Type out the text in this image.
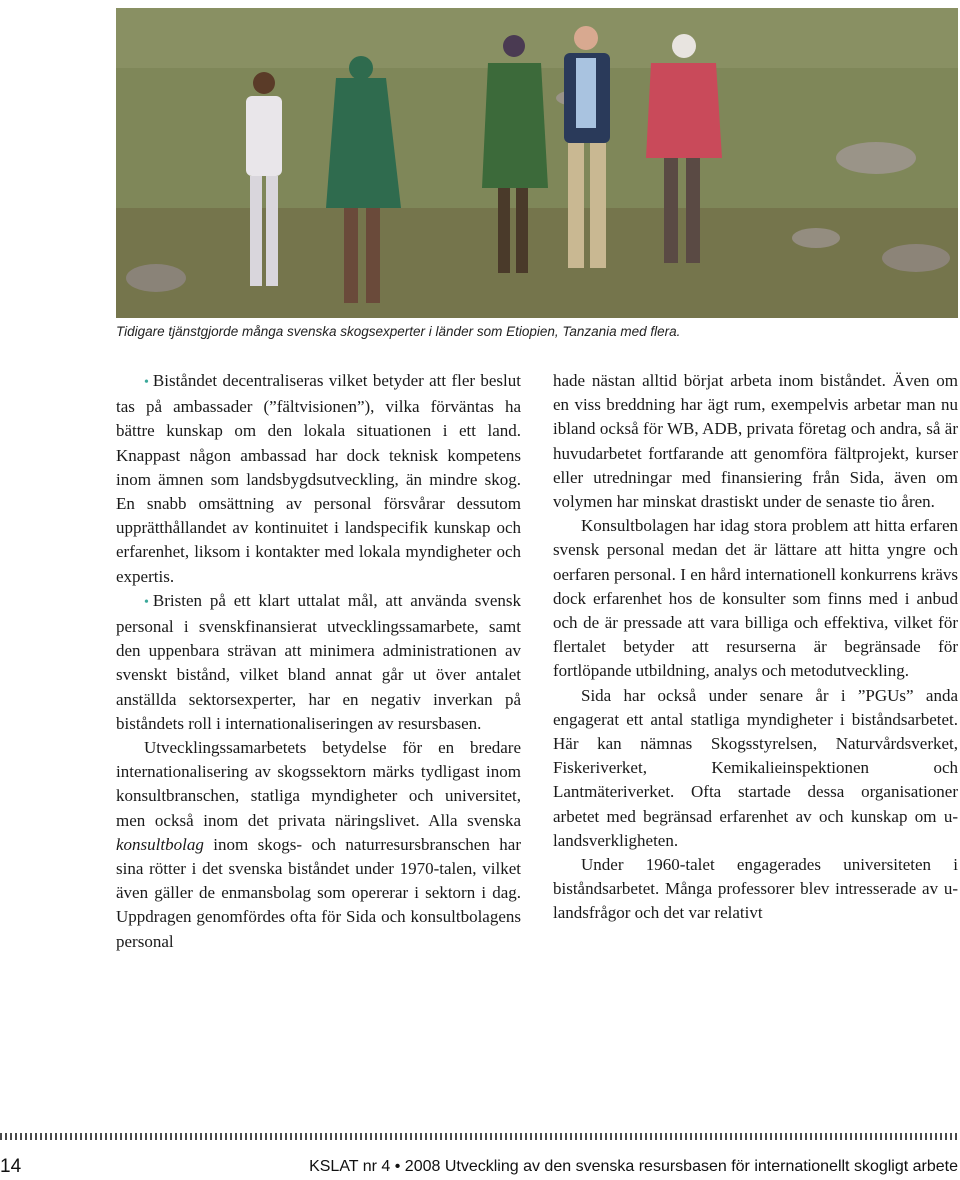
Tidigare tjänstgjorde många svenska skogsexperter i länder som Etiopien, Tanzania med flera.

• Biståndet decentraliseras vilket betyder att fler beslut tas på ambassader (”fältvisionen”), vilka förväntas ha bättre kunskap om den lokala situationen i ett land. Knappast någon ambassad har dock teknisk kompetens inom ämnen som landsbygdsutveckling, än mindre skog. En snabb omsättning av personal försvårar dessutom upprätthållandet av kontinuitet i landspecifik kunskap och erfarenhet, liksom i kontakter med lokala myndigheter och expertis.

• Bristen på ett klart uttalat mål, att använda svensk personal i svenskfinansierat utvecklingssamarbete, samt den uppenbara strävan att minimera administrationen av svenskt bistånd, vilket bland annat går ut över antalet anställda sektorsexperter, har en negativ inverkan på biståndets roll i internationaliseringen av resursbasen.

Utvecklingssamarbetets betydelse för en bredare internationalisering av skogssektorn märks tydligast inom konsultbranschen, statliga myndigheter och universitet, men också inom det privata näringslivet. Alla svenska konsultbolag inom skogs- och naturresursbranschen har sina rötter i det svenska biståndet under 1970-talen, vilket även gäller de enmansbolag som opererar i sektorn i dag. Uppdragen genomfördes ofta för Sida och konsultbolagens personal

hade nästan alltid börjat arbeta inom biståndet. Även om en viss breddning har ägt rum, exempelvis arbetar man nu ibland också för WB, ADB, privata företag och andra, så är huvudarbetet fortfarande att genomföra fältprojekt, kurser eller utredningar med finansiering från Sida, även om volymen har minskat drastiskt under de senaste tio åren.

Konsultbolagen har idag stora problem att hitta erfaren svensk personal medan det är lättare att hitta yngre och oerfaren personal. I en hård internationell konkurrens krävs dock erfarenhet hos de konsulter som finns med i anbud och de är pressade att vara billiga och effektiva, vilket för flertalet betyder att resurserna är begränsade för fortlöpande utbildning, analys och metodutveckling.

Sida har också under senare år i ”PGUs” anda engagerat ett antal statliga myndigheter i biståndsarbetet. Här kan nämnas Skogsstyrelsen, Naturvårdsverket, Fiskeriverket, Kemikalieinspektionen och Lantmäteriverket. Ofta startade dessa organisationer arbetet med begränsad erfarenhet av och kunskap om u-landsverkligheten.

Under 1960-talet engagerades universiteten i biståndsarbetet. Många professorer blev intresserade av u-landsfrågor och det var relativt

14	KSLAT nr 4 • 2008 Utveckling av den svenska resursbasen för internationellt skogligt arbete
